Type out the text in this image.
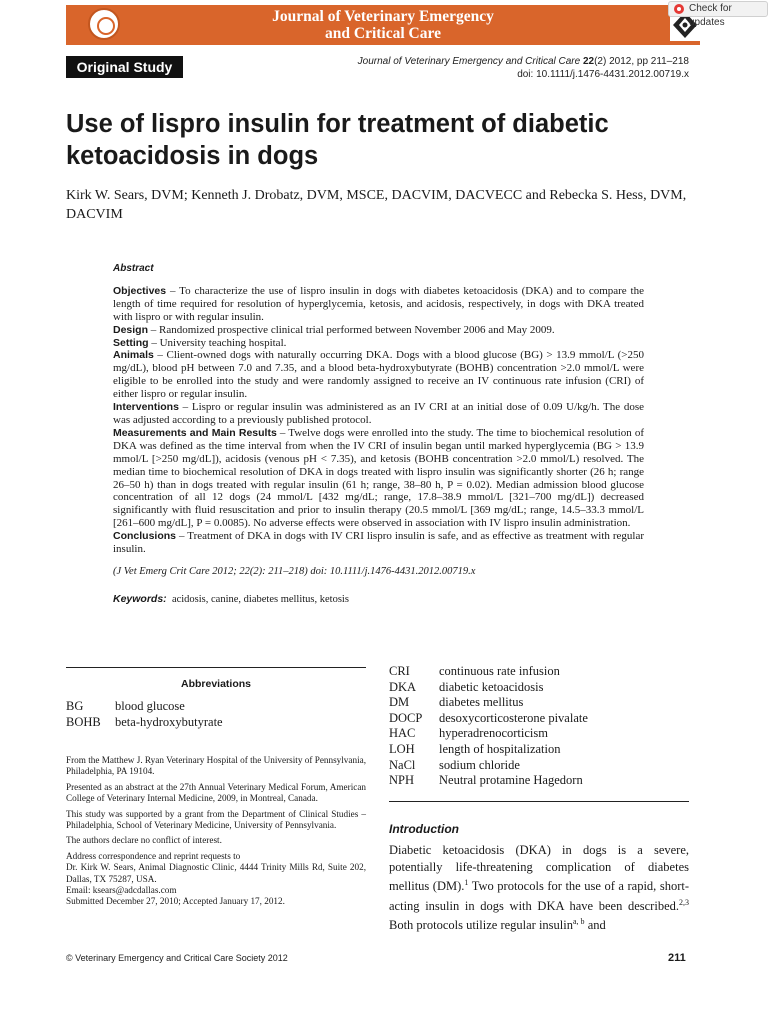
Journal of Veterinary Emergency
and Critical Care
Check for updates
Original Study	Journal of Veterinary Emergency and Critical Care 22(2) 2012, pp 211–218
doi: 10.1111/j.1476-4431.2012.00719.x
Use of lispro insulin for treatment of diabetic ketoacidosis in dogs
Kirk W. Sears, DVM; Kenneth J. Drobatz, DVM, MSCE, DACVIM, DACVECC and Rebecka S. Hess, DVM, DACVIM
Abstract

Objectives – To characterize the use of lispro insulin in dogs with diabetes ketoacidosis (DKA) and to compare the length of time required for resolution of hyperglycemia, ketosis, and acidosis, respectively, in dogs with DKA treated with lispro or with regular insulin.

Design – Randomized prospective clinical trial performed between November 2006 and May 2009.

Setting – University teaching hospital.

Animals – Client-owned dogs with naturally occurring DKA. Dogs with a blood glucose (BG) > 13.9 mmol/L (>250 mg/dL), blood pH between 7.0 and 7.35, and a blood beta-hydroxybutyrate (BOHB) concentration >2.0 mmol/L were eligible to be enrolled into the study and were randomly assigned to receive an IV continuous rate infusion (CRI) of either lispro or regular insulin.

Interventions – Lispro or regular insulin was administered as an IV CRI at an initial dose of 0.09 U/kg/h. The dose was adjusted according to a previously published protocol.

Measurements and Main Results – Twelve dogs were enrolled into the study. The time to biochemical resolution of DKA was defined as the time interval from when the IV CRI of insulin began until marked hyperglycemia (BG > 13.9 mmol/L [>250 mg/dL]), acidosis (venous pH < 7.35), and ketosis (BOHB concentration >2.0 mmol/L) resolved. The median time to biochemical resolution of DKA in dogs treated with lispro insulin was significantly shorter (26 h; range 26–50 h) than in dogs treated with regular insulin (61 h; range, 38–80 h, P = 0.02). Median admission blood glucose concentration of all 12 dogs (24 mmol/L [432 mg/dL; range, 17.8–38.9 mmol/L [321–700 mg/dL]) decreased significantly with fluid resuscitation and prior to insulin therapy (20.5 mmol/L [369 mg/dL; range, 14.5–33.3 mmol/L [261–600 mg/dL], P = 0.0085). No adverse effects were observed in association with IV lispro insulin administration.

Conclusions – Treatment of DKA in dogs with IV CRI lispro insulin is safe, and as effective as treatment with regular insulin.

(J Vet Emerg Crit Care 2012; 22(2): 211–218) doi: 10.1111/j.1476-4431.2012.00719.x

Keywords: acidosis, canine, diabetes mellitus, ketosis

Abbreviations
BG	blood glucose
BOHB	beta-hydroxybutyrate
CRI	continuous rate infusion
DKA	diabetic ketoacidosis
DM	diabetes mellitus
DOCP	desoxycorticosterone pivalate
HAC	hyperadrenocorticism
LOH	length of hospitalization
NaCl	sodium chloride
NPH	Neutral protamine Hagedorn

From the Matthew J. Ryan Veterinary Hospital of the University of Pennsylvania, Philadelphia, PA 19104.

Presented as an abstract at the 27th Annual Veterinary Medical Forum, American College of Veterinary Internal Medicine, 2009, in Montreal, Canada.

This study was supported by a grant from the Department of Clinical Studies – Philadelphia, School of Veterinary Medicine, University of Pennsylvania.

The authors declare no conflict of interest.

Address correspondence and reprint requests to
Dr. Kirk W. Sears, Animal Diagnostic Clinic, 4444 Trinity Mills Rd, Suite 202, Dallas, TX 75287, USA.
Email: ksears@adcdallas.com
Submitted December 27, 2010; Accepted January 17, 2012.

Introduction
Diabetic ketoacidosis (DKA) in dogs is a severe, potentially life-threatening complication of diabetes mellitus (DM).$^1$ Two protocols for the use of a rapid, short-acting insulin in dogs with DKA have been described.$^{2,3}$ Both protocols utilize regular insulin$^{a, b}$ and
© Veterinary Emergency and Critical Care Society 2012	211
